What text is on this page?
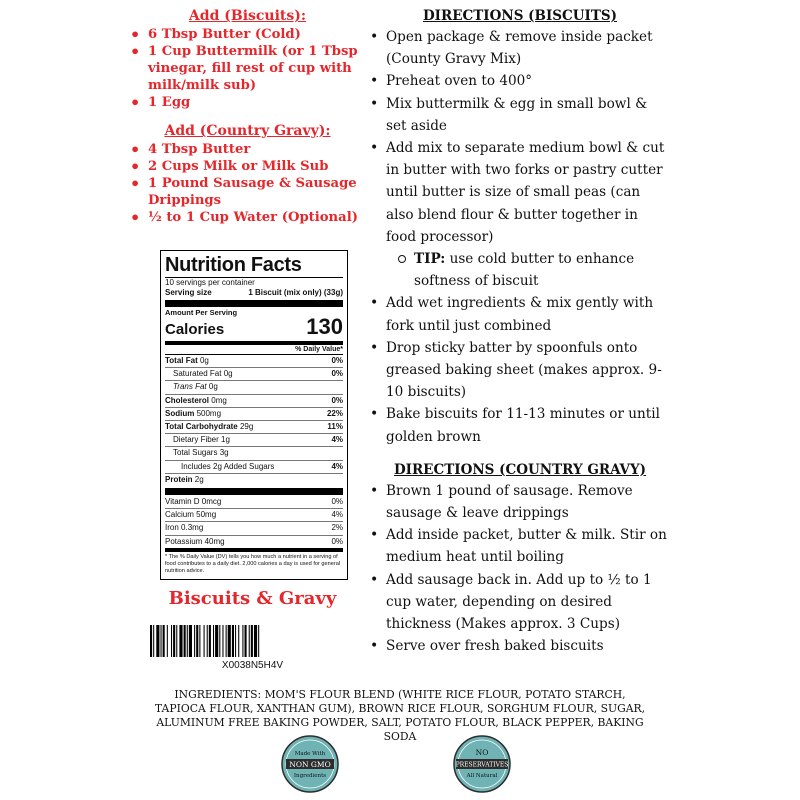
Add (Biscuits):

• 6 Tbsp Butter (Cold)
• 1 Cup Buttermilk (or 1 Tbsp vinegar, fill rest of cup with milk/milk sub)
• 1 Egg

Add (Country Gravy):

• 4 Tbsp Butter
• 2 Cups Milk or Milk Sub
• 1 Pound Sausage & Sausage Drippings
• ½ to 1 Cup Water (Optional)
Nutrition Facts
10 servings per container
Serving size	1 Biscuit (mix only) (33g)
Amount Per Serving
Calories	130
% Daily Value*
Total Fat 0g	0%
Saturated Fat 0g	0%
Trans Fat 0g
Cholesterol 0mg	0%
Sodium 500mg	22%
Total Carbohydrate 29g	11%
Dietary Fiber 1g	4%
Total Sugars 3g
Includes 2g Added Sugars	4%
Protein 2g
Vitamin D 0mcg	0%
Calcium 50mg	4%
Iron 0.3mg	2%
Potassium 40mg	0%
* The % Daily Value (DV) tells you how much a nutrient in a serving of food contributes to a daily diet. 2,000 calories a day is used for general nutrition advice.
Biscuits & Gravy
X0038N5H4V

DIRECTIONS (BISCUITS)

• Open package & remove inside packet (County Gravy Mix)
• Preheat oven to 400°
• Mix buttermilk & egg in small bowl & set aside
• Add mix to separate medium bowl & cut in butter with two forks or pastry cutter until butter is size of small peas (can also blend flour & butter together in food processor)
TIP: use cold butter to enhance softness of biscuit
• Add wet ingredients & mix gently with fork until just combined
• Drop sticky batter by spoonfuls onto greased baking sheet (makes approx. 9-10 biscuits)
• Bake biscuits for 11-13 minutes or until golden brown

DIRECTIONS (COUNTRY GRAVY)

• Brown 1 pound of sausage. Remove sausage & leave drippings
• Add inside packet, butter & milk. Stir on medium heat until boiling
• Add sausage back in. Add up to ½ to 1 cup water, depending on desired thickness (Makes approx. 3 Cups)
• Serve over fresh baked biscuits
INGREDIENTS: MOM'S FLOUR BLEND (WHITE RICE FLOUR, POTATO STARCH, TAPIOCA FLOUR, XANTHAN GUM), BROWN RICE FLOUR, SORGHUM FLOUR, SUGAR, ALUMINUM FREE BAKING POWDER, SALT, POTATO FLOUR, BLACK PEPPER, BAKING SODA
Made With
NON GMO
Ingredients
NO
PRESERVATIVES
All Natural
